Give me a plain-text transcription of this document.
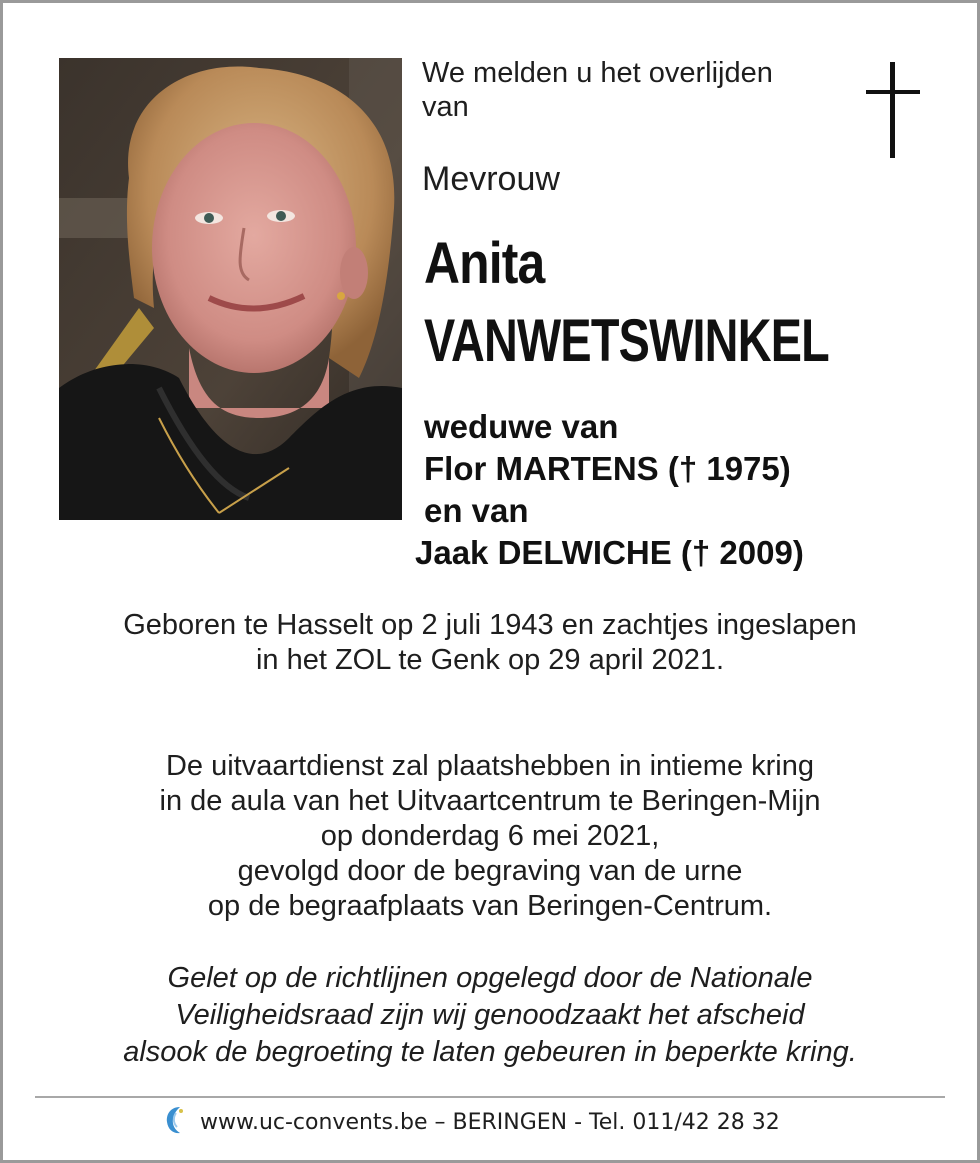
We melden u het overlijden
van
Mevrouw
Anita
VANWETSWINKEL
weduwe van
Flor MARTENS († 1975)
en van
Jaak DELWICHE († 2009)
Geboren te Hasselt op 2 juli 1943 en zachtjes ingeslapen
in het ZOL te Genk op 29 april 2021.
De uitvaartdienst zal plaatshebben in intieme kring
in de aula van het Uitvaartcentrum te Beringen-Mijn
op donderdag 6 mei 2021,
gevolgd door de begraving van de urne
op de begraafplaats van Beringen-Centrum.
Gelet op de richtlijnen opgelegd door de Nationale
Veiligheidsraad zijn wij genoodzaakt het afscheid
alsook de begroeting te laten gebeuren in beperkte kring.
www.uc-convents.be – BERINGEN - Tel. 011/42 28 32
